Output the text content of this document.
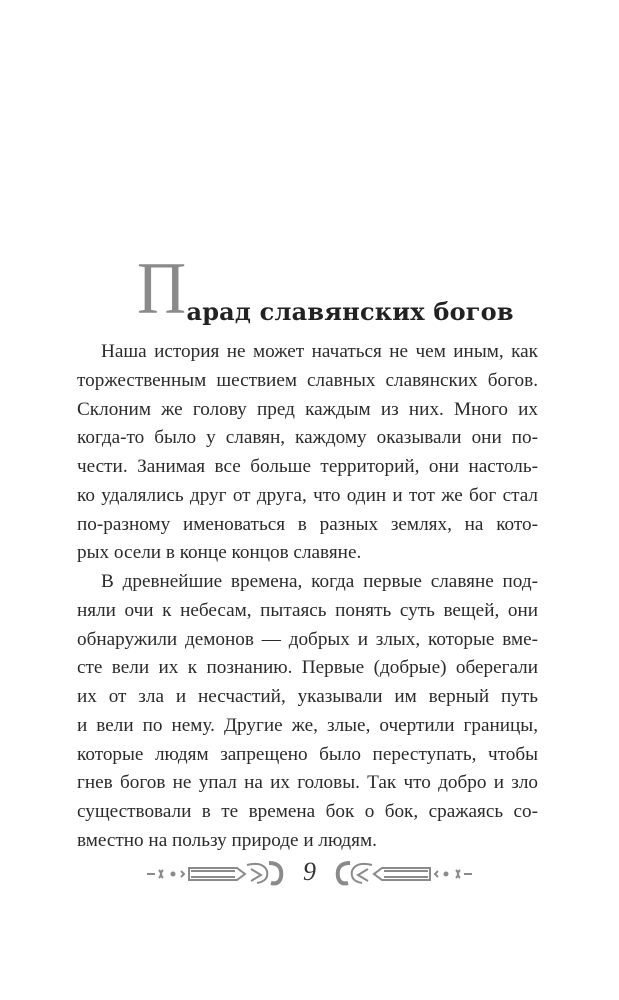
Парад славянских богов
Наша история не может начаться не чем иным, как
торжественным шествием славных славянских богов.
Склоним же голову пред каждым из них. Много их
когда-то было у славян, каждому оказывали они по-
чести. Занимая все больше территорий, они настоль-
ко удалялись друг от друга, что один и тот же бог стал
по-разному именоваться в разных землях, на кото-
рых осели в конце концов славяне.
В древнейшие времена, когда первые славяне под-
няли очи к небесам, пытаясь понять суть вещей, они
обнаружили демонов — добрых и злых, которые вме-
сте вели их к познанию. Первые (добрые) оберегали
их от зла и несчастий, указывали им верный путь
и вели по нему. Другие же, злые, очертили границы,
которые людям запрещено было переступать, чтобы
гнев богов не упал на их головы. Так что добро и зло
существовали в те времена бок о бок, сражаясь со-
вместно на пользу природе и людям.
9
